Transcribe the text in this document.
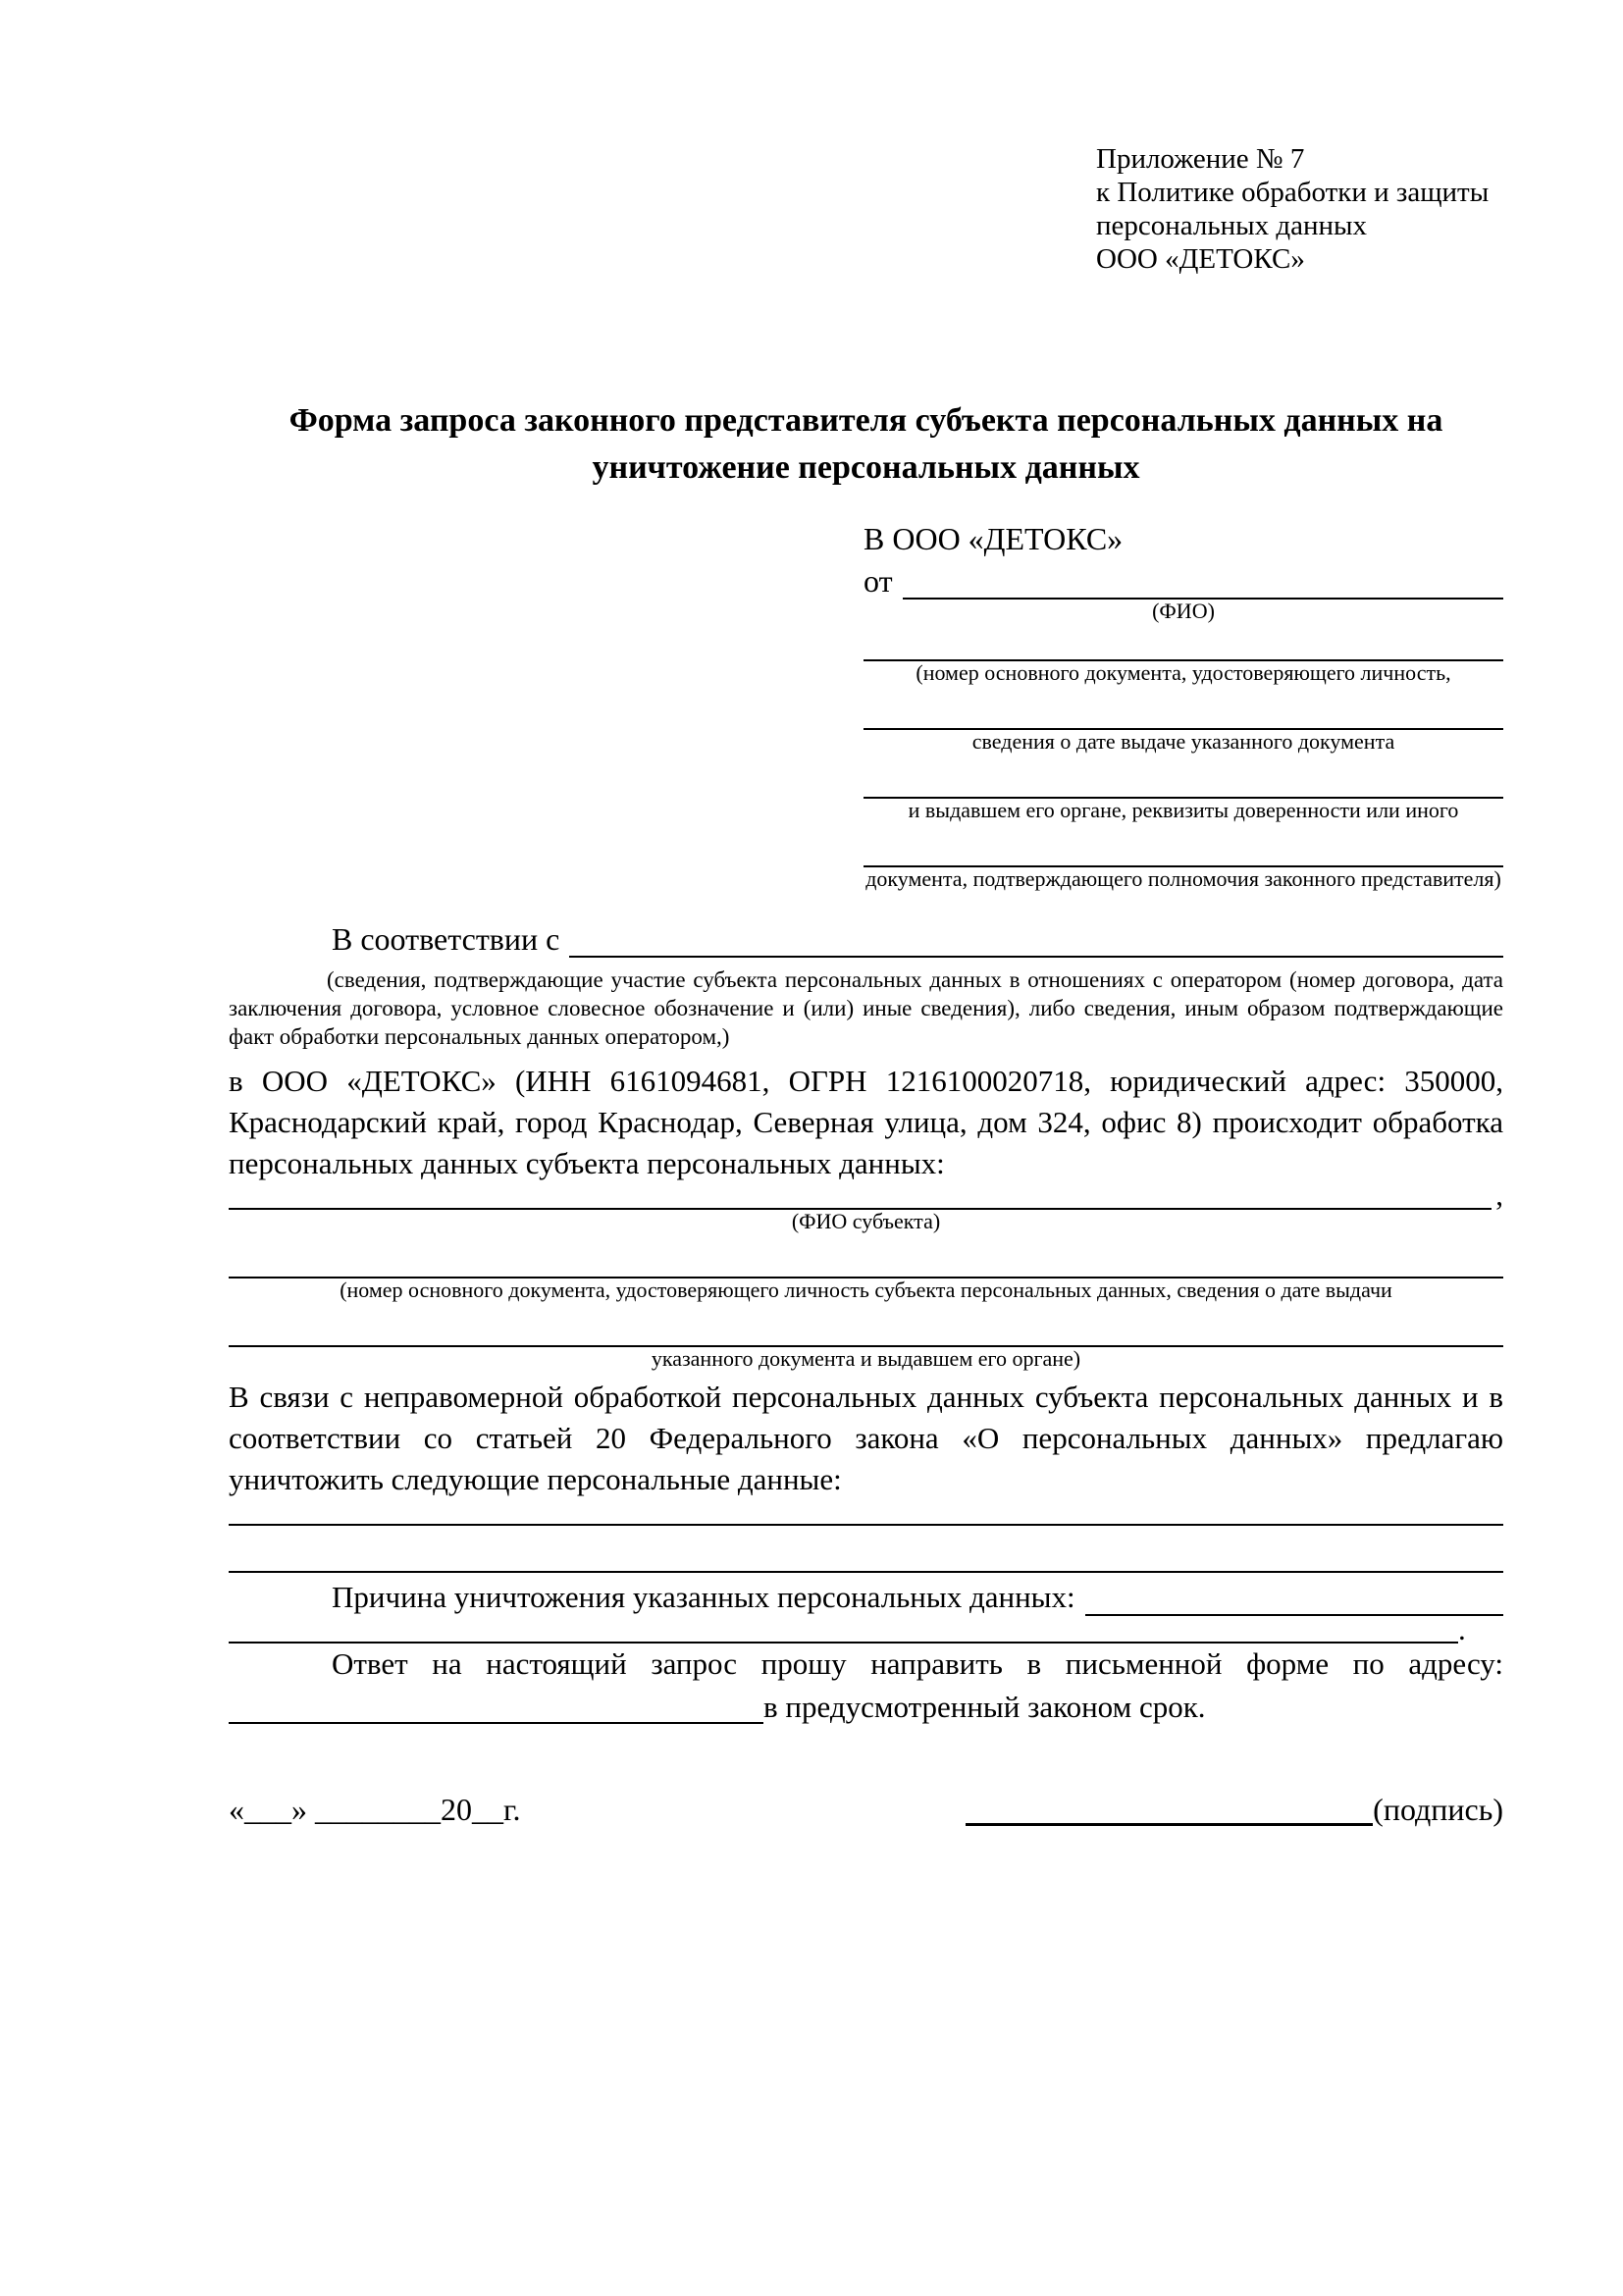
Приложение № 7
к Политике обработки и защиты
персональных данных
ООО «ДЕТОКС»
Форма запроса законного представителя субъекта персональных данных на уничтожение персональных данных
В ООО «ДЕТОКС»
от
(ФИО)
(номер основного документа, удостоверяющего личность,
сведения о дате выдаче указанного документа
и выдавшем его органе, реквизиты доверенности или иного
документа, подтверждающего полномочия законного представителя)
В соответствии с
(сведения, подтверждающие участие субъекта персональных данных в отношениях с оператором (номер договора, дата заключения договора, условное словесное обозначение и (или) иные сведения), либо сведения, иным образом подтверждающие факт обработки персональных данных оператором,)
в ООО «ДЕТОКС» (ИНН 6161094681, ОГРН 1216100020718, юридический адрес: 350000, Краснодарский край, город Краснодар, Северная улица, дом 324, офис 8) происходит обработка персональных данных субъекта персональных данных:
,
(ФИО субъекта)
(номер основного документа, удостоверяющего личность субъекта персональных данных, сведения о дате выдачи
указанного документа и выдавшем его органе)
В связи с неправомерной обработкой персональных данных субъекта персональных данных и в соответствии со статьей 20 Федерального закона «О персональных данных» предлагаю уничтожить следующие персональные данные:
Причина уничтожения указанных персональных данных:
.
Ответ на настоящий запрос прошу направить в письменной форме по адресу:
в предусмотренный законом срок.
«___» ________20__г.	(подпись)
